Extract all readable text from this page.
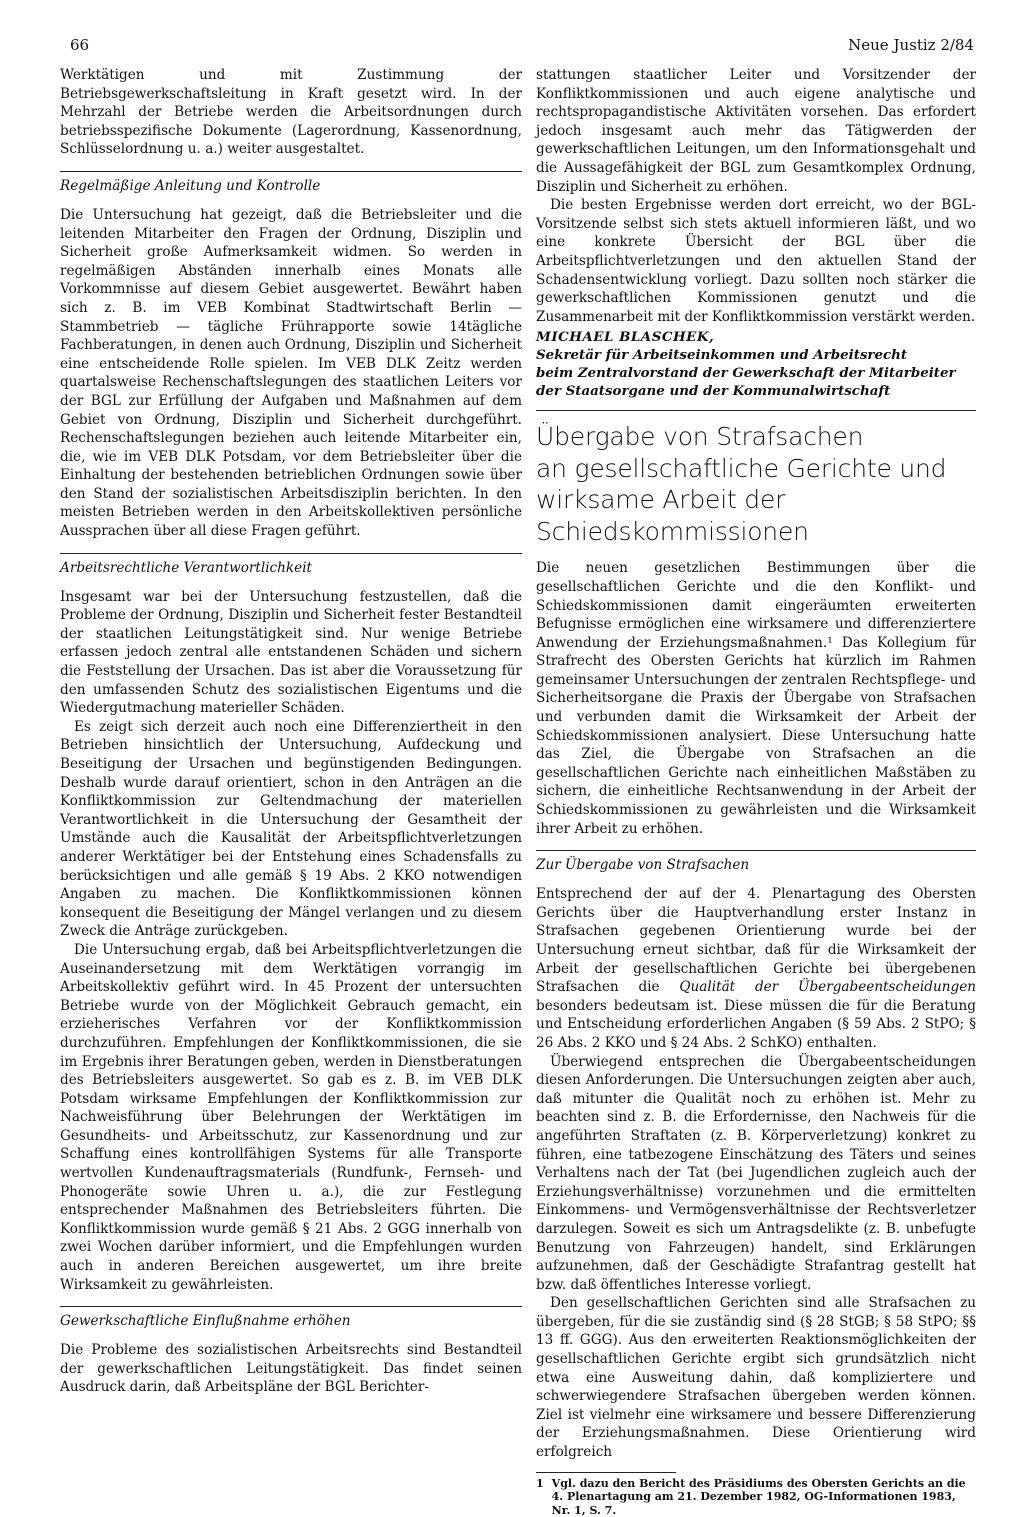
66	Neue Justiz 2/84

Werktätigen und mit Zustimmung der Betriebsgewerkschaftsleitung in Kraft gesetzt wird. In der Mehrzahl der Betriebe werden die Arbeitsordnungen durch betriebsspezifische Dokumente (Lagerordnung, Kassenordnung, Schlüsselordnung u. a.) weiter ausgestaltet.

Regelmäßige Anleitung und Kontrolle

Die Untersuchung hat gezeigt, daß die Betriebsleiter und die leitenden Mitarbeiter den Fragen der Ordnung, Disziplin und Sicherheit große Aufmerksamkeit widmen. So werden in regelmäßigen Abständen innerhalb eines Monats alle Vorkommnisse auf diesem Gebiet ausgewertet. Bewährt haben sich z. B. im VEB Kombinat Stadtwirtschaft Berlin — Stammbetrieb — tägliche Frührapporte sowie 14tägliche Fachberatungen, in denen auch Ordnung, Disziplin und Sicherheit eine entscheidende Rolle spielen. Im VEB DLK Zeitz werden quartalsweise Rechenschaftslegungen des staatlichen Leiters vor der BGL zur Erfüllung der Aufgaben und Maßnahmen auf dem Gebiet von Ordnung, Disziplin und Sicherheit durchgeführt. Rechenschaftslegungen beziehen auch leitende Mitarbeiter ein, die, wie im VEB DLK Potsdam, vor dem Betriebsleiter über die Einhaltung der bestehenden betrieblichen Ordnungen sowie über den Stand der sozialistischen Arbeitsdisziplin berichten. In den meisten Betrieben werden in den Arbeitskollektiven persönliche Aussprachen über all diese Fragen geführt.

Arbeitsrechtliche Verantwortlichkeit

Insgesamt war bei der Untersuchung festzustellen, daß die Probleme der Ordnung, Disziplin und Sicherheit fester Bestandteil der staatlichen Leitungstätigkeit sind. Nur wenige Betriebe erfassen jedoch zentral alle entstandenen Schäden und sichern die Feststellung der Ursachen. Das ist aber die Voraussetzung für den umfassenden Schutz des sozialistischen Eigentums und die Wiedergutmachung materieller Schäden.

Es zeigt sich derzeit auch noch eine Differenziertheit in den Betrieben hinsichtlich der Untersuchung, Aufdeckung und Beseitigung der Ursachen und begünstigenden Bedingungen. Deshalb wurde darauf orientiert, schon in den Anträgen an die Konfliktkommission zur Geltendmachung der materiellen Verantwortlichkeit in die Untersuchung der Gesamtheit der Umstände auch die Kausalität der Arbeitspflichtverletzungen anderer Werktätiger bei der Entstehung eines Schadensfalls zu berücksichtigen und alle gemäß § 19 Abs. 2 KKO notwendigen Angaben zu machen. Die Konfliktkommissionen können konsequent die Beseitigung der Mängel verlangen und zu diesem Zweck die Anträge zurückgeben.

Die Untersuchung ergab, daß bei Arbeitspflichtverletzungen die Auseinandersetzung mit dem Werktätigen vorrangig im Arbeitskollektiv geführt wird. In 45 Prozent der untersuchten Betriebe wurde von der Möglichkeit Gebrauch gemacht, ein erzieherisches Verfahren vor der Konfliktkommission durchzuführen. Empfehlungen der Konfliktkommissionen, die sie im Ergebnis ihrer Beratungen geben, werden in Dienstberatungen des Betriebsleiters ausgewertet. So gab es z. B. im VEB DLK Potsdam wirksame Empfehlungen der Konfliktkommission zur Nachweisführung über Belehrungen der Werktätigen im Gesundheits- und Arbeitsschutz, zur Kassenordnung und zur Schaffung eines kontrollfähigen Systems für alle Transporte wertvollen Kundenauftragsmaterials (Rundfunk-, Fernseh- und Phonogeräte sowie Uhren u. a.), die zur Festlegung entsprechender Maßnahmen des Betriebsleiters führten. Die Konfliktkommission wurde gemäß § 21 Abs. 2 GGG innerhalb von zwei Wochen darüber informiert, und die Empfehlungen wurden auch in anderen Bereichen ausgewertet, um ihre breite Wirksamkeit zu gewährleisten.

Gewerkschaftliche Einflußnahme erhöhen

Die Probleme des sozialistischen Arbeitsrechts sind Bestandteil der gewerkschaftlichen Leitungstätigkeit. Das findet seinen Ausdruck darin, daß Arbeitspläne der BGL Berichter-

stattungen staatlicher Leiter und Vorsitzender der Konfliktkommissionen und auch eigene analytische und rechtspropagandistische Aktivitäten vorsehen. Das erfordert jedoch insgesamt auch mehr das Tätigwerden der gewerkschaftlichen Leitungen, um den Informationsgehalt und die Aussagefähigkeit der BGL zum Gesamtkomplex Ordnung, Disziplin und Sicherheit zu erhöhen.

Die besten Ergebnisse werden dort erreicht, wo der BGL-Vorsitzende selbst sich stets aktuell informieren läßt, und wo eine konkrete Übersicht der BGL über die Arbeitspflichtverletzungen und den aktuellen Stand der Schadensentwicklung vorliegt. Dazu sollten noch stärker die gewerkschaftlichen Kommissionen genutzt und die Zusammenarbeit mit der Konfliktkommission verstärkt werden.

MICHAEL BLASCHEK,
Sekretär für Arbeitseinkommen und Arbeitsrecht
beim Zentralvorstand der Gewerkschaft der Mitarbeiter
der Staatsorgane und der Kommunalwirtschaft
Übergabe von Strafsachen
an gesellschaftliche Gerichte und
wirksame Arbeit der Schiedskommissionen

Die neuen gesetzlichen Bestimmungen über die gesellschaftlichen Gerichte und die den Konflikt- und Schiedskommissionen damit eingeräumten erweiterten Befugnisse ermöglichen eine wirksamere und differenziertere Anwendung der Erziehungsmaßnahmen.¹ Das Kollegium für Strafrecht des Obersten Gerichts hat kürzlich im Rahmen gemeinsamer Untersuchungen der zentralen Rechtspflege- und Sicherheitsorgane die Praxis der Übergabe von Strafsachen und verbunden damit die Wirksamkeit der Arbeit der Schiedskommissionen analysiert. Diese Untersuchung hatte das Ziel, die Übergabe von Strafsachen an die gesellschaftlichen Gerichte nach einheitlichen Maßstäben zu sichern, die einheitliche Rechtsanwendung in der Arbeit der Schiedskommissionen zu gewährleisten und die Wirksamkeit ihrer Arbeit zu erhöhen.

Zur Übergabe von Strafsachen

Entsprechend der auf der 4. Plenartagung des Obersten Gerichts über die Hauptverhandlung erster Instanz in Strafsachen gegebenen Orientierung wurde bei der Untersuchung erneut sichtbar, daß für die Wirksamkeit der Arbeit der gesellschaftlichen Gerichte bei übergebenen Strafsachen die Qualität der Übergabeentscheidungen besonders bedeutsam ist. Diese müssen die für die Beratung und Entscheidung erforderlichen Angaben (§ 59 Abs. 2 StPO; § 26 Abs. 2 KKO und § 24 Abs. 2 SchKO) enthalten.

Überwiegend entsprechen die Übergabeentscheidungen diesen Anforderungen. Die Untersuchungen zeigten aber auch, daß mitunter die Qualität noch zu erhöhen ist. Mehr zu beachten sind z. B. die Erfordernisse, den Nachweis für die angeführten Straftaten (z. B. Körperverletzung) konkret zu führen, eine tatbezogene Einschätzung des Täters und seines Verhaltens nach der Tat (bei Jugendlichen zugleich auch der Erziehungsverhältnisse) vorzunehmen und die ermittelten Einkommens- und Vermögensverhältnisse der Rechtsverletzer darzulegen. Soweit es sich um Antragsdelikte (z. B. unbefugte Benutzung von Fahrzeugen) handelt, sind Erklärungen aufzunehmen, daß der Geschädigte Strafantrag gestellt hat bzw. daß öffentliches Interesse vorliegt.

Den gesellschaftlichen Gerichten sind alle Strafsachen zu übergeben, für die sie zuständig sind (§ 28 StGB; § 58 StPO; §§ 13 ff. GGG). Aus den erweiterten Reaktionsmöglichkeiten der gesellschaftlichen Gerichte ergibt sich grundsätzlich nicht etwa eine Ausweitung dahin, daß kompliziertere und schwerwiegendere Strafsachen übergeben werden können. Ziel ist vielmehr eine wirksamere und bessere Differenzierung der Erziehungsmaßnahmen. Diese Orientierung wird erfolgreich

1 Vgl. dazu den Bericht des Präsidiums des Obersten Gerichts an die 4. Plenartagung am 21. Dezember 1982, OG-Informationen 1983, Nr. 1, S. 7.
